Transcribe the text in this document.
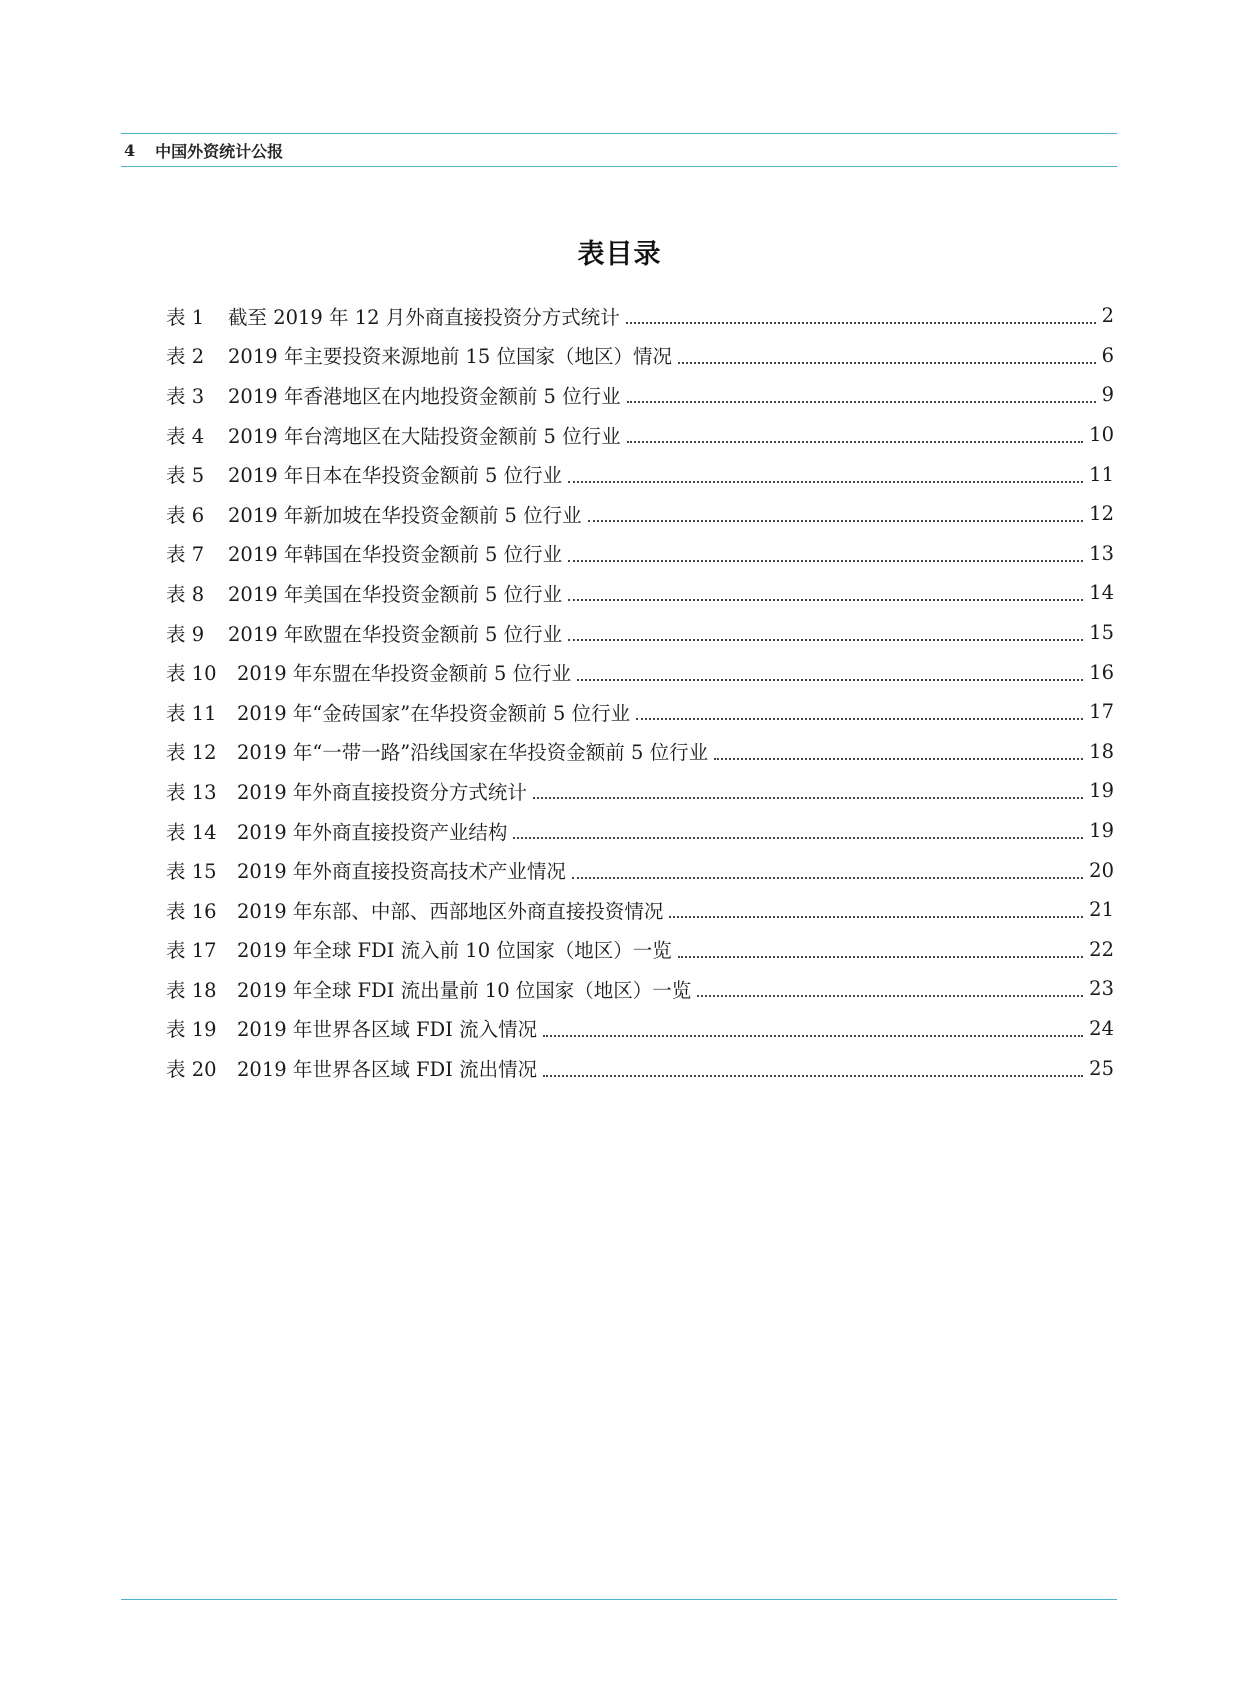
4 中国外资统计公报
表目录
表 1	截至 2019 年 12 月外商直接投资分方式统计	2
表 2	2019 年主要投资来源地前 15 位国家（地区）情况	6
表 3	2019 年香港地区在内地投资金额前 5 位行业	9
表 4	2019 年台湾地区在大陆投资金额前 5 位行业	10
表 5	2019 年日本在华投资金额前 5 位行业	11
表 6	2019 年新加坡在华投资金额前 5 位行业	12
表 7	2019 年韩国在华投资金额前 5 位行业	13
表 8	2019 年美国在华投资金额前 5 位行业	14
表 9	2019 年欧盟在华投资金额前 5 位行业	15
表 10	2019 年东盟在华投资金额前 5 位行业	16
表 11	2019 年“金砖国家”在华投资金额前 5 位行业	17
表 12	2019 年“一带一路”沿线国家在华投资金额前 5 位行业	18
表 13	2019 年外商直接投资分方式统计	19
表 14	2019 年外商直接投资产业结构	19
表 15	2019 年外商直接投资高技术产业情况	20
表 16	2019 年东部、中部、西部地区外商直接投资情况	21
表 17	2019 年全球 FDI 流入前 10 位国家（地区）一览	22
表 18	2019 年全球 FDI 流出量前 10 位国家（地区）一览	23
表 19	2019 年世界各区域 FDI 流入情况	24
表 20	2019 年世界各区域 FDI 流出情况	25
